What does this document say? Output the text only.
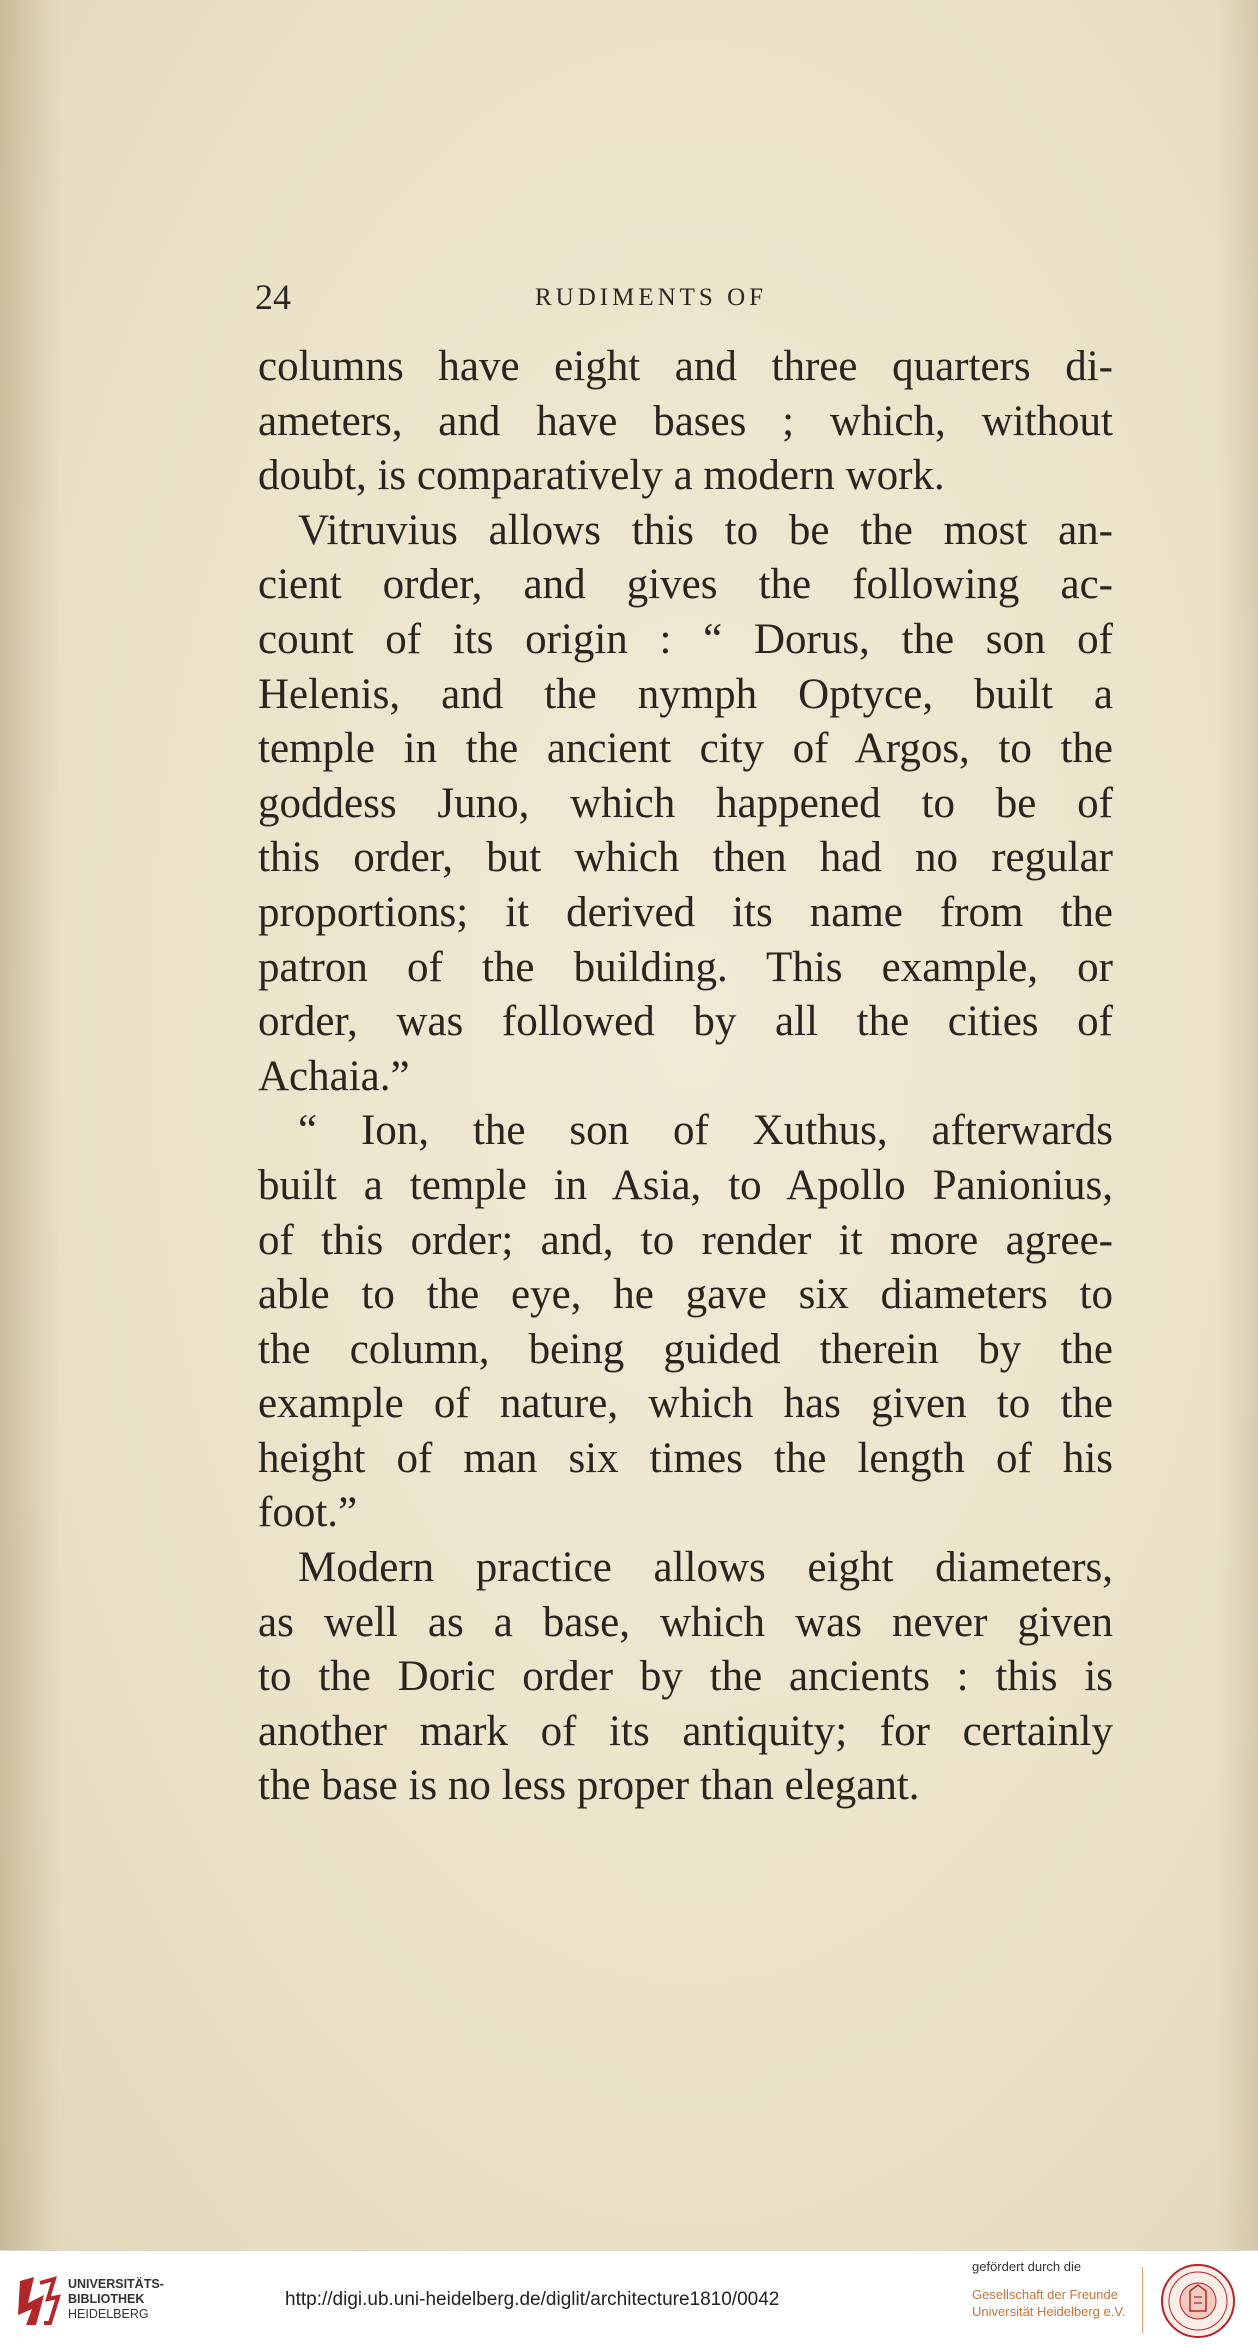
24	RUDIMENTS OF
columns have eight and three quarters di-
ameters, and have bases ; which, without
doubt, is comparatively a modern work.
Vitruvius allows this to be the most an-
cient order, and gives the following ac-
count of its origin : “ Dorus, the son of
Helenis, and the nymph Optyce, built a
temple in the ancient city of Argos, to the
goddess Juno, which happened to be of
this order, but which then had no regular
proportions; it derived its name from the
patron of the building. This example, or
order, was followed by all the cities of
Achaia.”
“ Ion, the son of Xuthus, afterwards
built a temple in Asia, to Apollo Panionius,
of this order; and, to render it more agree-
able to the eye, he gave six diameters to
the column, being guided therein by the
example of nature, which has given to the
height of man six times the length of his
foot.”
Modern practice allows eight diameters,
as well as a base, which was never given
to the Doric order by the ancients : this is
another mark of its antiquity; for certainly
the base is no less proper than elegant.
UNIVERSITÄTS-
BIBLIOTHEK
HEIDELBERG
http://digi.ub.uni-heidelberg.de/diglit/architecture1810/0042
gefördert durch die
Gesellschaft der Freunde
Universität Heidelberg e.V.
